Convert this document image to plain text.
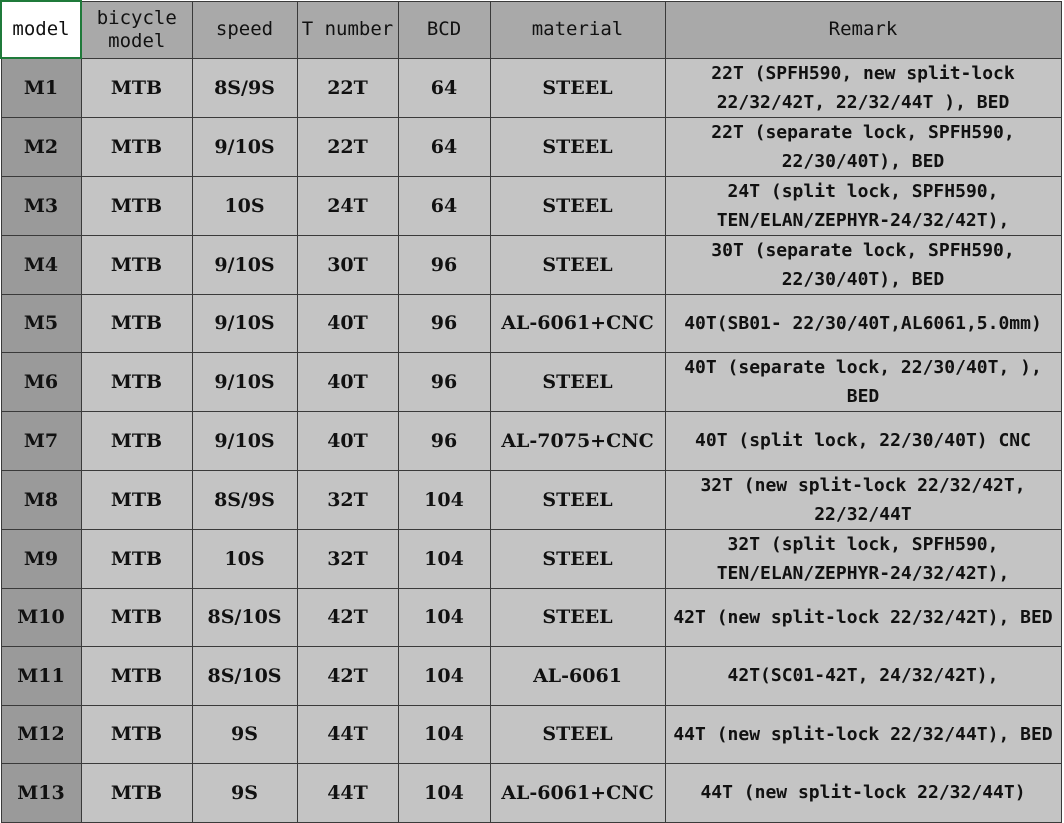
model	bicycle model	speed	T number	BCD	material	Remark
M1	MTB	8S/9S	22T	64	STEEL	22T (SPFH590, new split-lock 22/32/42T, 22/32/44T ), BED
M2	MTB	9/10S	22T	64	STEEL	22T (separate lock, SPFH590, 22/30/40T), BED
M3	MTB	10S	24T	64	STEEL	24T (split lock, SPFH590, TEN/ELAN/ZEPHYR-24/32/42T),
M4	MTB	9/10S	30T	96	STEEL	30T (separate lock, SPFH590, 22/30/40T), BED
M5	MTB	9/10S	40T	96	AL-6061+CNC	40T(SB01- 22/30/40T,AL6061,5.0mm)
M6	MTB	9/10S	40T	96	STEEL	40T (separate lock, 22/30/40T, ), BED
M7	MTB	9/10S	40T	96	AL-7075+CNC	40T (split lock, 22/30/40T) CNC
M8	MTB	8S/9S	32T	104	STEEL	32T (new split-lock 22/32/42T, 22/32/44T
M9	MTB	10S	32T	104	STEEL	32T (split lock, SPFH590, TEN/ELAN/ZEPHYR-24/32/42T),
M10	MTB	8S/10S	42T	104	STEEL	42T (new split-lock 22/32/42T), BED
M11	MTB	8S/10S	42T	104	AL-6061	42T(SC01-42T, 24/32/42T),
M12	MTB	9S	44T	104	STEEL	44T (new split-lock 22/32/44T), BED
M13	MTB	9S	44T	104	AL-6061+CNC	44T (new split-lock 22/32/44T)
